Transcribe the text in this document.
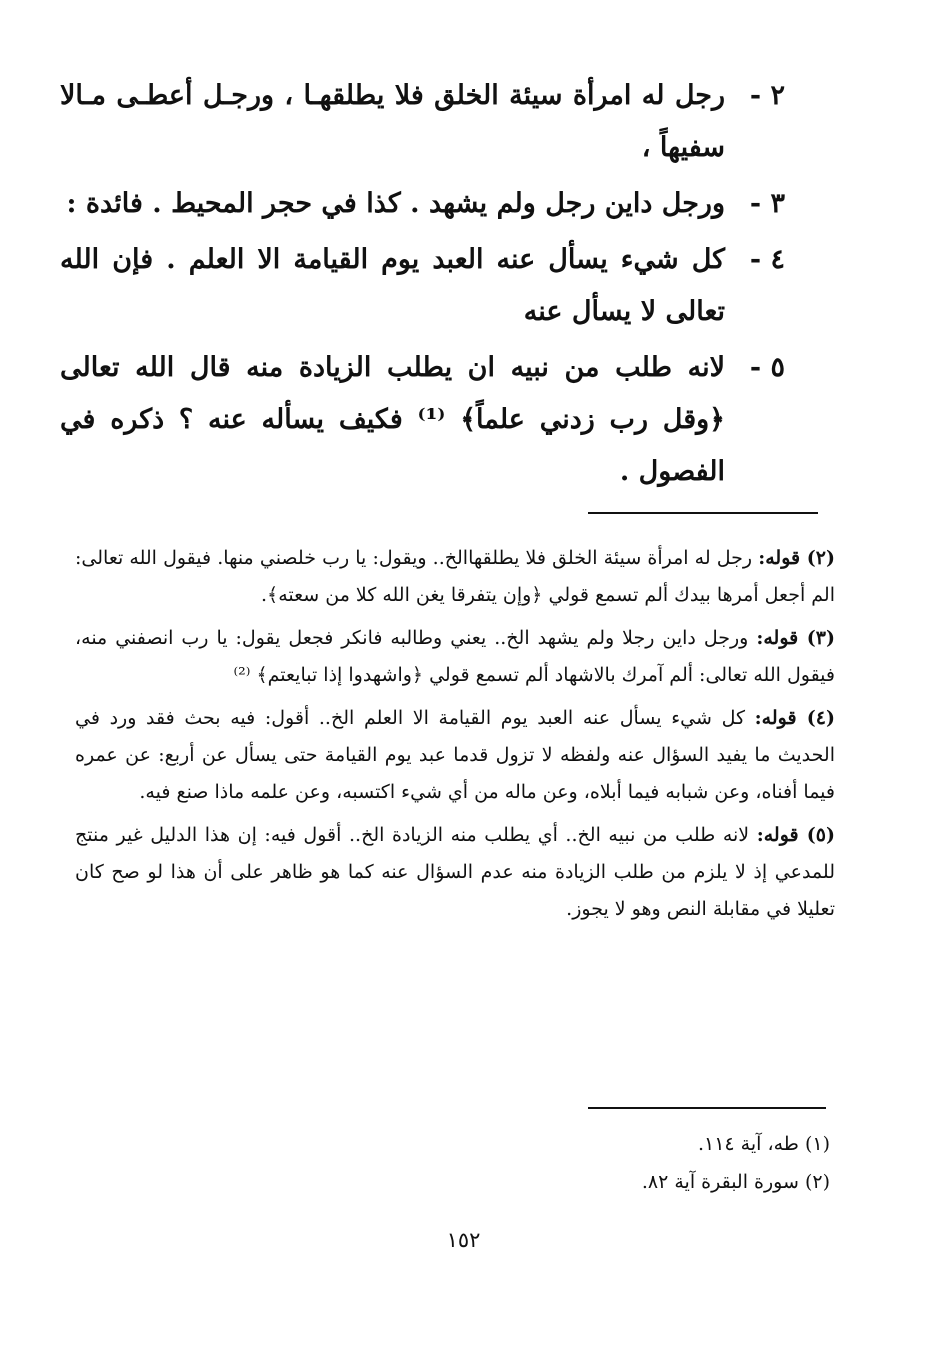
٢ -
رجل له امرأة سيئة الخلق فلا يطلقهـا ، ورجـل أعطـى مـالا سفيهاً ،
٣ -
ورجل داين رجل ولم يشهد . كذا في حجر المحيط . فائدة :
٤ -
كل شيء يسأل عنه العبد يوم القيامة الا العلم . فإن الله تعالى لا يسأل عنه
٥ -
لانه طلب من نبيه ان يطلب الزيادة منه قال الله تعالى ﴿وقل رب زدني علماً﴾ ⁽¹⁾ فكيف يسأله عنه ؟ ذكره في الفصول .
(٢) قوله: رجل له امرأة سيئة الخلق فلا يطلقهاالخ.. ويقول: يا رب خلصني منها. فيقول الله تعالى: الم أجعل أمرها بيدك ألم تسمع قولي ﴿وإن يتفرقا يغن الله كلا من سعته﴾.
(٣) قوله: ورجل داين رجلا ولم يشهد الخ.. يعني وطالبه فانكر فجعل يقول: يا رب انصفني منه، فيقول الله تعالى: ألم آمرك بالاشهاد ألم تسمع قولي ﴿واشهدوا إذا تبايعتم﴾ ⁽²⁾
(٤) قوله: كل شيء يسأل عنه العبد يوم القيامة الا العلم الخ.. أقول: فيه بحث فقد ورد في الحديث ما يفيد السؤال عنه ولفظه لا تزول قدما عبد يوم القيامة حتى يسأل عن أربع: عن عمره فيما أفناه، وعن شبابه فيما أبلاه، وعن ماله من أي شيء اكتسبه، وعن علمه ماذا صنع فيه.
(٥) قوله: لانه طلب من نبيه الخ.. أي يطلب منه الزيادة الخ.. أقول فيه: إن هذا الدليل غير منتج للمدعي إذ لا يلزم من طلب الزيادة منه عدم السؤال عنه كما هو ظاهر على أن هذا لو صح كان تعليلا في مقابلة النص وهو لا يجوز.
(١) طه، آية ١١٤.
(٢) سورة البقرة آية ٨٢.
١٥٢
